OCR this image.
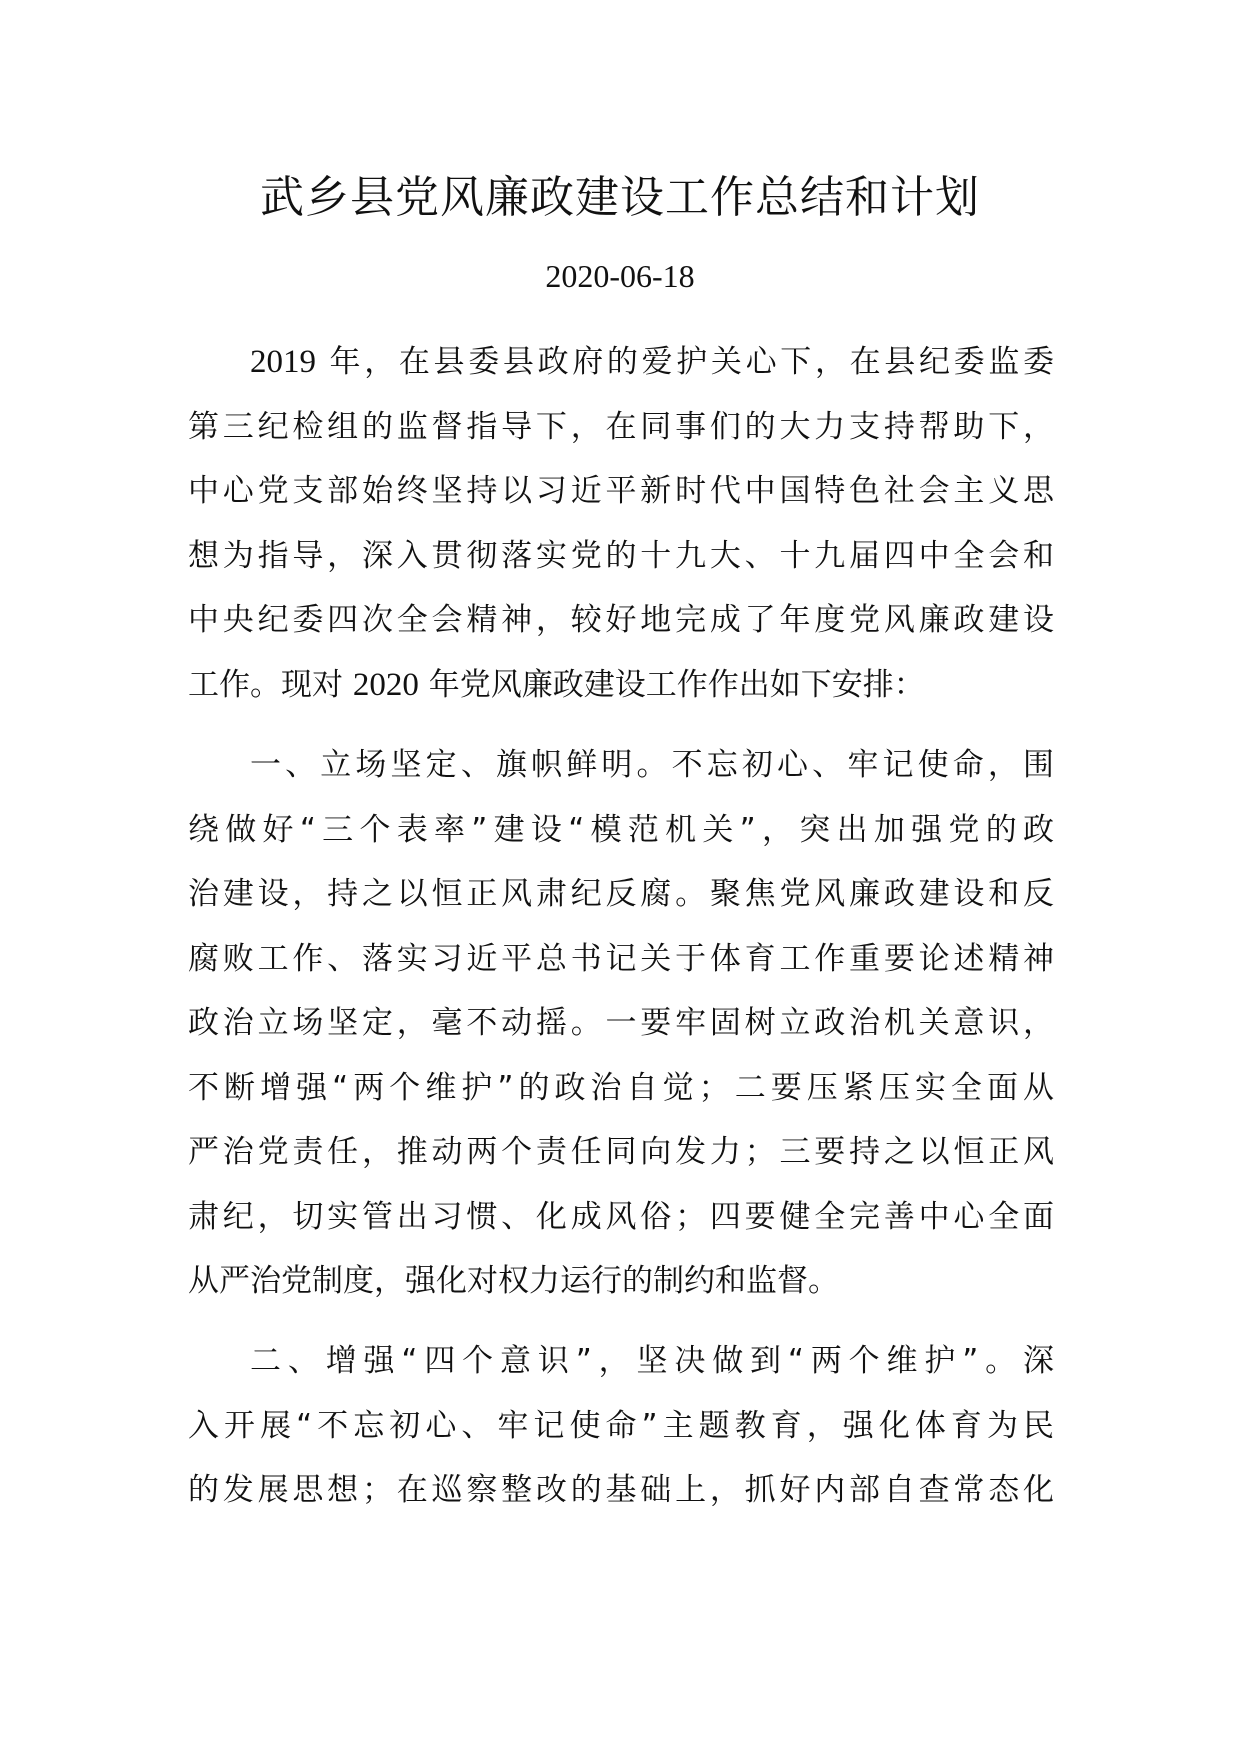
武乡县党风廉政建设工作总结和计划
2020-06-18
2019 年，在县委县政府的爱护关心下，在县纪委监委
第三纪检组的监督指导下，在同事们的大力支持帮助下，
中心党支部始终坚持以习近平新时代中国特色社会主义思
想为指导，深入贯彻落实党的十九大、十九届四中全会和
中央纪委四次全会精神，较好地完成了年度党风廉政建设
工作。现对 2020 年党风廉政建设工作作出如下安排：
一、立场坚定、旗帜鲜明。不忘初心、牢记使命，围
绕做好“三个表率”建设“模范机关”，突出加强党的政
治建设，持之以恒正风肃纪反腐。聚焦党风廉政建设和反
腐败工作、落实习近平总书记关于体育工作重要论述精神
政治立场坚定，毫不动摇。一要牢固树立政治机关意识，
不断增强“两个维护”的政治自觉；二要压紧压实全面从
严治党责任，推动两个责任同向发力；三要持之以恒正风
肃纪，切实管出习惯、化成风俗；四要健全完善中心全面
从严治党制度，强化对权力运行的制约和监督。
二、增强“四个意识”，坚决做到“两个维护”。深
入开展“不忘初心、牢记使命”主题教育，强化体育为民
的发展思想；在巡察整改的基础上，抓好内部自查常态化
